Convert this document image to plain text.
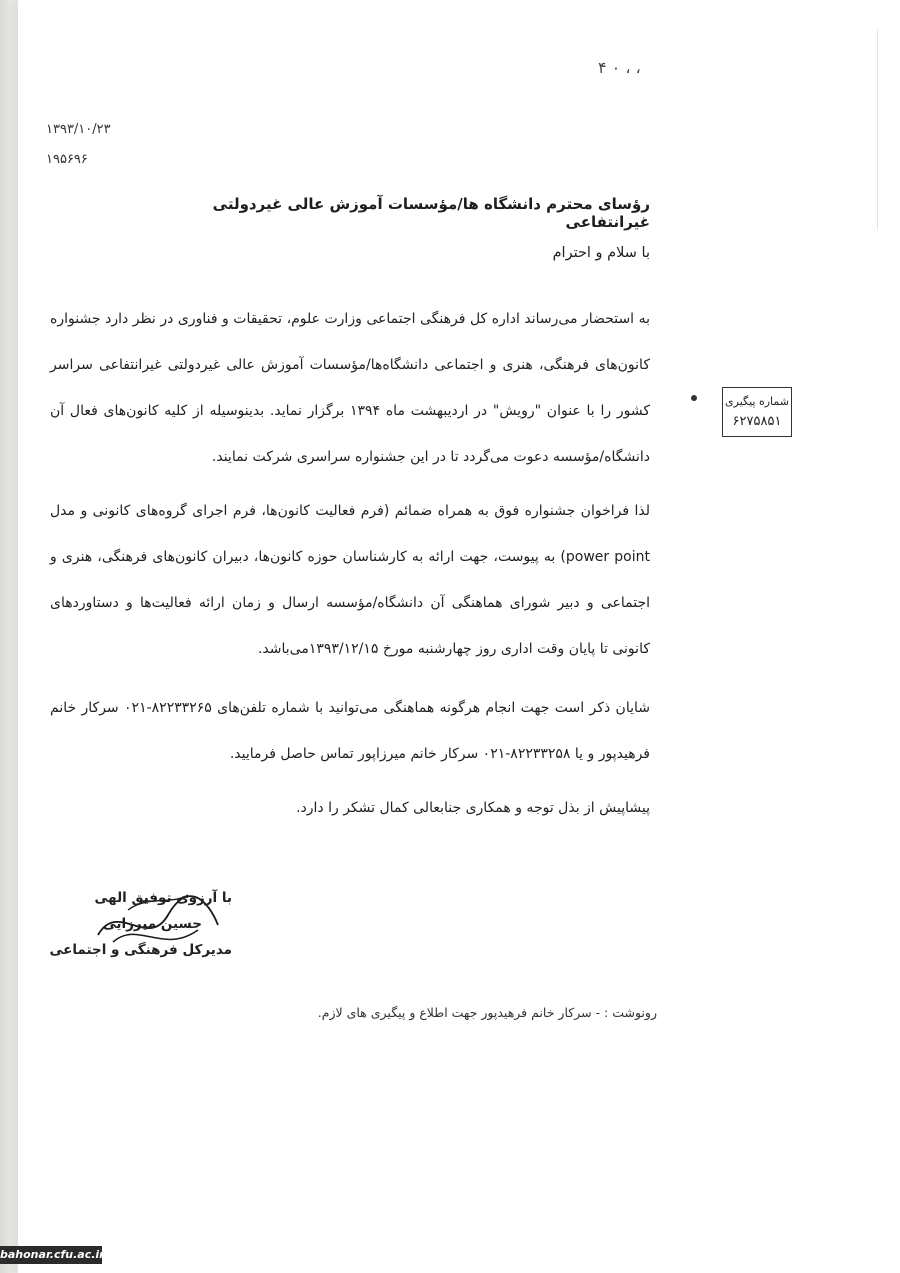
۴ ۰ ، ،
۱۳۹۳/۱۰/۲۳
۱۹۵۶۹۶
رؤسای محترم دانشگاه ها/مؤسسات آموزش عالی غیردولتی غیرانتفاعی
با سلام و احترام
به استحضار می‌رساند اداره کل فرهنگی اجتماعی وزارت علوم، تحقیقات و فناوری در نظر دارد جشنواره کانون‌های فرهنگی، هنری و اجتماعی دانشگاه‌ها/مؤسسات آموزش عالی غیردولتی غیرانتفاعی سراسر کشور را با عنوان "رویش" در اردیبهشت ماه ۱۳۹۴ برگزار نماید. بدینوسیله از کلیه کانون‌های فعال آن دانشگاه/مؤسسه دعوت می‌گردد تا در این جشنواره سراسری شرکت نمایند.
شماره پیگیری
۶۲۷۵۸۵۱
لذا فراخوان جشنواره فوق به همراه ضمائم (فرم فعالیت کانون‌ها، فرم اجرای گروه‌های کانونی و مدل power point) به پیوست، جهت ارائه به کارشناسان حوزه کانون‌ها، دبیران کانون‌های فرهنگی، هنری و اجتماعی و دبیر شورای هماهنگی آن دانشگاه/مؤسسه ارسال و زمان ارائه فعالیت‌ها و دستاوردهای کانونی تا پایان وقت اداری روز چهارشنبه مورخ ۱۳۹۳/۱۲/۱۵می‌باشد.
شایان ذکر است جهت انجام هرگونه هماهنگی می‌توانید با شماره تلفن‌های ۸۲۲۳۳۲۶۵-۰۲۱ سرکار خانم فرهیدپور و یا ۸۲۲۳۳۲۵۸-۰۲۱ سرکار خانم میرزاپور تماس حاصل فرمایید.
پیشاپیش از بذل توجه و همکاری جنابعالی کمال تشکر را دارد.
با آرزوی توفیق الهی
حسین میرزایی
مدیرکل فرهنگی و اجتماعی
رونوشت : - سرکار خانم فرهیدپور جهت اطلاع و پیگیری های لازم.
bahonar.cfu.ac.ir
